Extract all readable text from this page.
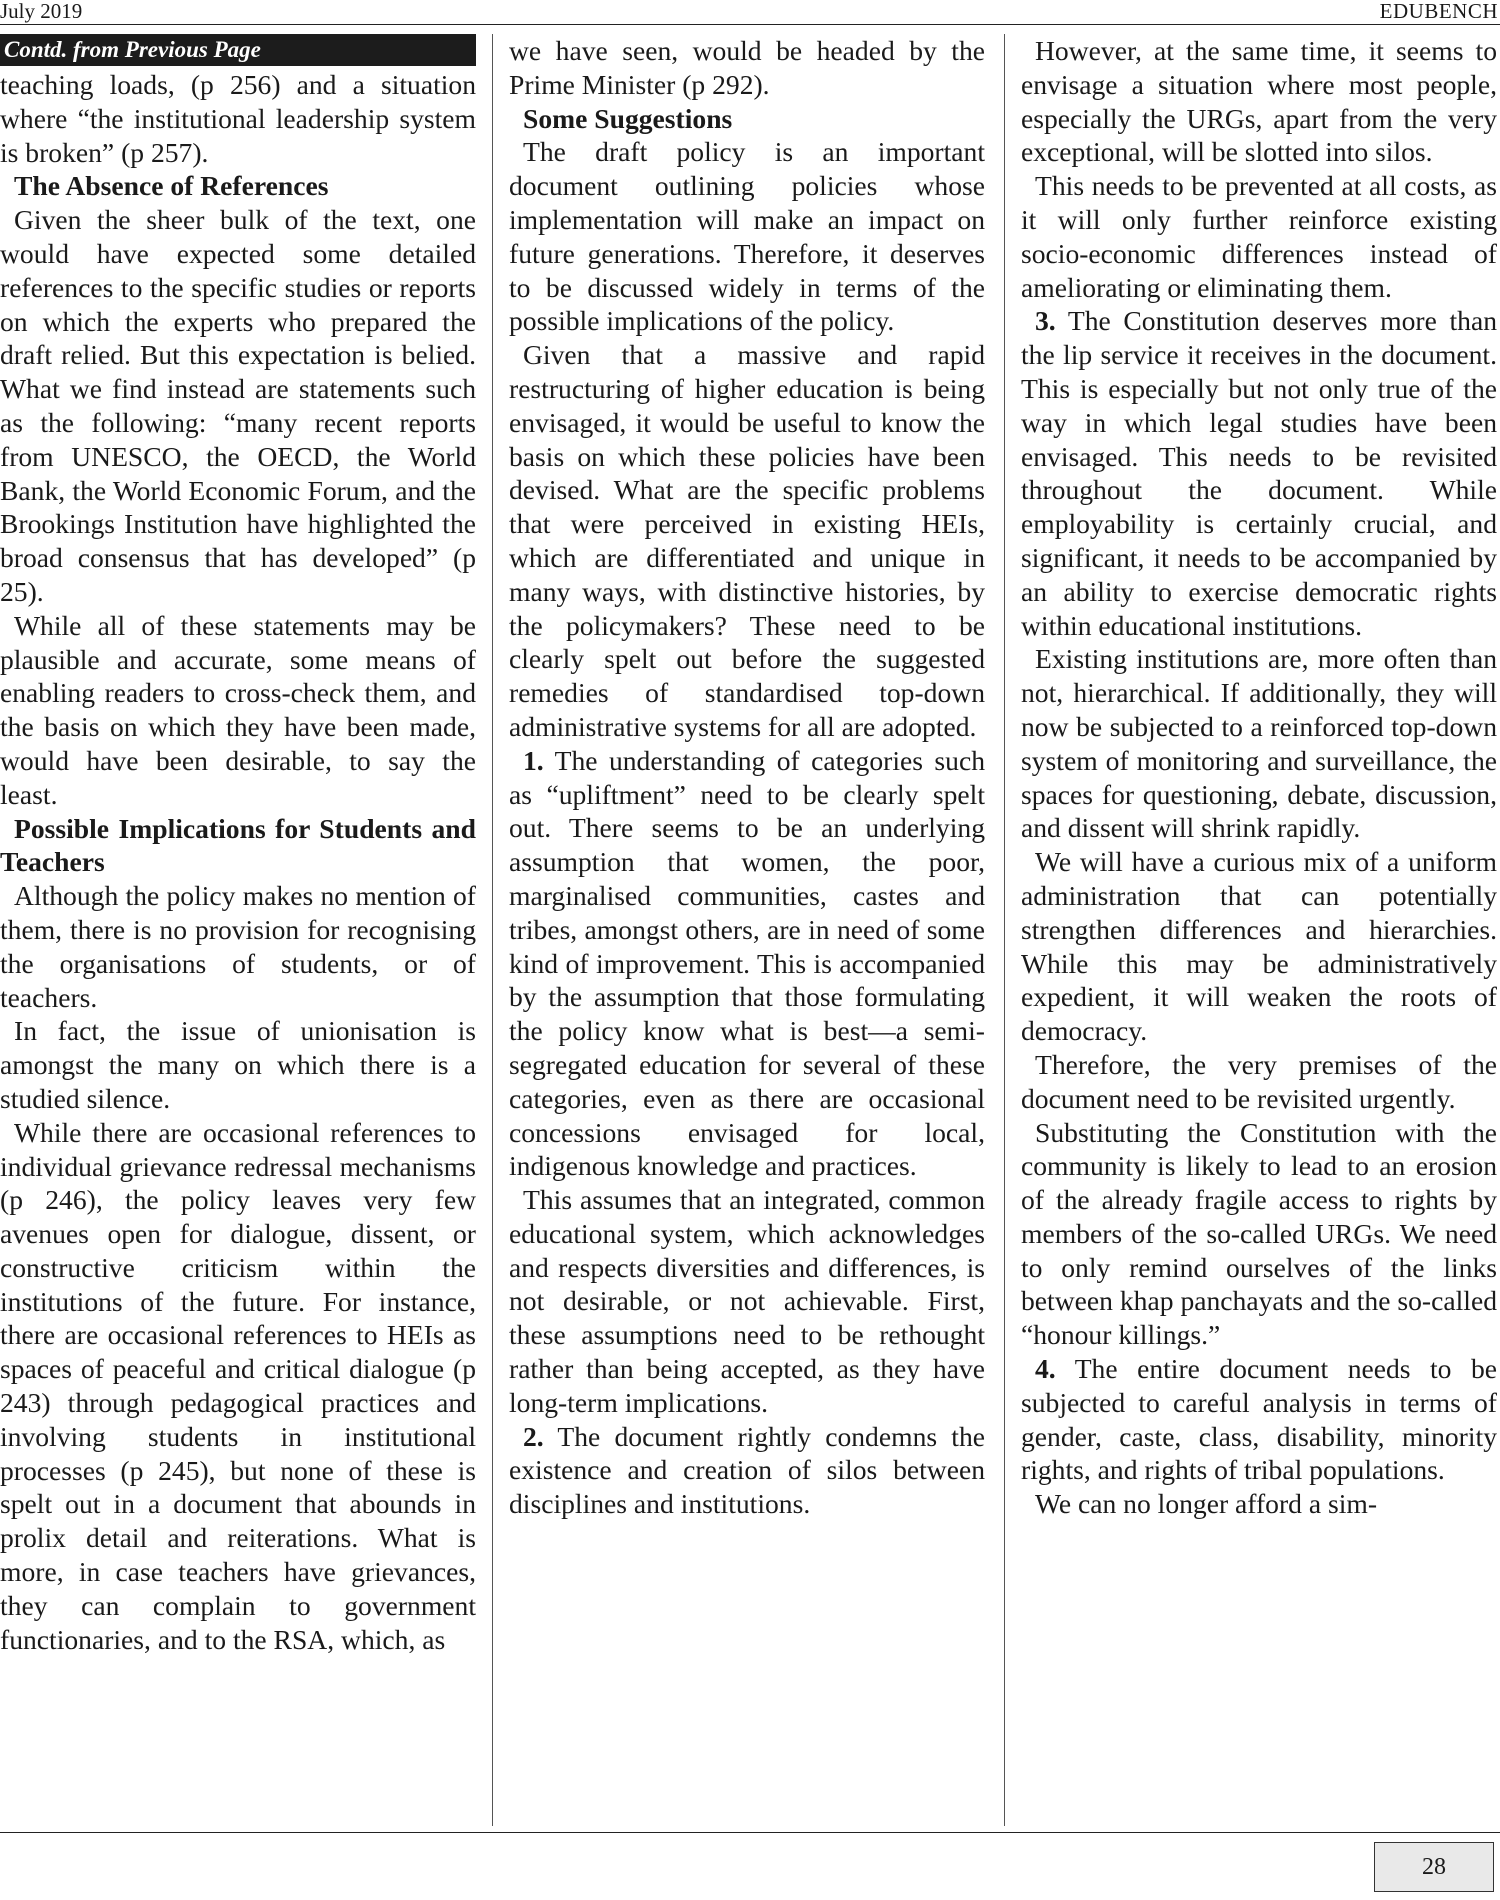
July 2019	EDUBENCH
Contd. from Previous Page

teaching loads, (p 256) and a situation where “the institutional leadership system is broken” (p 257).

The Absence of References

Given the sheer bulk of the text, one would have expected some detailed references to the specific studies or reports on which the experts who prepared the draft relied. But this expectation is belied. What we find instead are statements such as the following: “many recent reports from UNESCO, the OECD, the World Bank, the World Economic Forum, and the Brookings Institution have highlighted the broad consensus that has developed” (p 25).

While all of these statements may be plausible and accurate, some means of enabling readers to cross-check them, and the basis on which they have been made, would have been desirable, to say the least.

Possible Implications for Students and Teachers

Although the policy makes no mention of them, there is no provision for recognising the organisations of students, or of teachers.

In fact, the issue of unionisation is amongst the many on which there is a studied silence.

While there are occasional references to individual grievance redressal mechanisms (p 246), the policy leaves very few avenues open for dialogue, dissent, or constructive criticism within the institutions of the future. For instance, there are occasional references to HEIs as spaces of peaceful and critical dialogue (p 243) through pedagogical practices and involving students in institutional processes (p 245), but none of these is spelt out in a document that abounds in prolix detail and reiterations. What is more, in case teachers have grievances, they can complain to government functionaries, and to the RSA, which, as

we have seen, would be headed by the Prime Minister (p 292).

Some Suggestions

The draft policy is an important document outlining policies whose implementation will make an impact on future generations. Therefore, it deserves to be discussed widely in terms of the possible implications of the policy.

Given that a massive and rapid restructuring of higher education is being envisaged, it would be useful to know the basis on which these policies have been devised. What are the specific problems that were perceived in existing HEIs, which are differentiated and unique in many ways, with distinctive histories, by the policymakers? These need to be clearly spelt out before the suggested remedies of standardised top-down administrative systems for all are adopted.

1. The understanding of categories such as “upliftment” need to be clearly spelt out. There seems to be an underlying assumption that women, the poor, marginalised communities, castes and tribes, amongst others, are in need of some kind of improvement. This is accompanied by the assumption that those formulating the policy know what is best—a semi-segregated education for several of these categories, even as there are occasional concessions envisaged for local, indigenous knowledge and practices.

This assumes that an integrated, common educational system, which acknowledges and respects diversities and differences, is not desirable, or not achievable. First, these assumptions need to be rethought rather than being accepted, as they have long-term implications.

2. The document rightly condemns the existence and creation of silos between disciplines and institutions.

However, at the same time, it seems to envisage a situation where most people, especially the URGs, apart from the very exceptional, will be slotted into silos.

This needs to be prevented at all costs, as it will only further reinforce existing socio-economic differences instead of ameliorating or eliminating them.

3. The Constitution deserves more than the lip service it receives in the document. This is especially but not only true of the way in which legal studies have been envisaged. This needs to be revisited throughout the document. While employability is certainly crucial, and significant, it needs to be accompanied by an ability to exercise democratic rights within educational institutions.

Existing institutions are, more often than not, hierarchical. If additionally, they will now be subjected to a reinforced top-down system of monitoring and surveillance, the spaces for questioning, debate, discussion, and dissent will shrink rapidly.

We will have a curious mix of a uniform administration that can potentially strengthen differences and hierarchies. While this may be administratively expedient, it will weaken the roots of democracy.

Therefore, the very premises of the document need to be revisited urgently.

Substituting the Constitution with the community is likely to lead to an erosion of the already fragile access to rights by members of the so-called URGs. We need to only remind ourselves of the links between khap panchayats and the so-called “honour killings.”

4. The entire document needs to be subjected to careful analysis in terms of gender, caste, class, disability, minority rights, and rights of tribal populations.

We can no longer afford a sim-

28
